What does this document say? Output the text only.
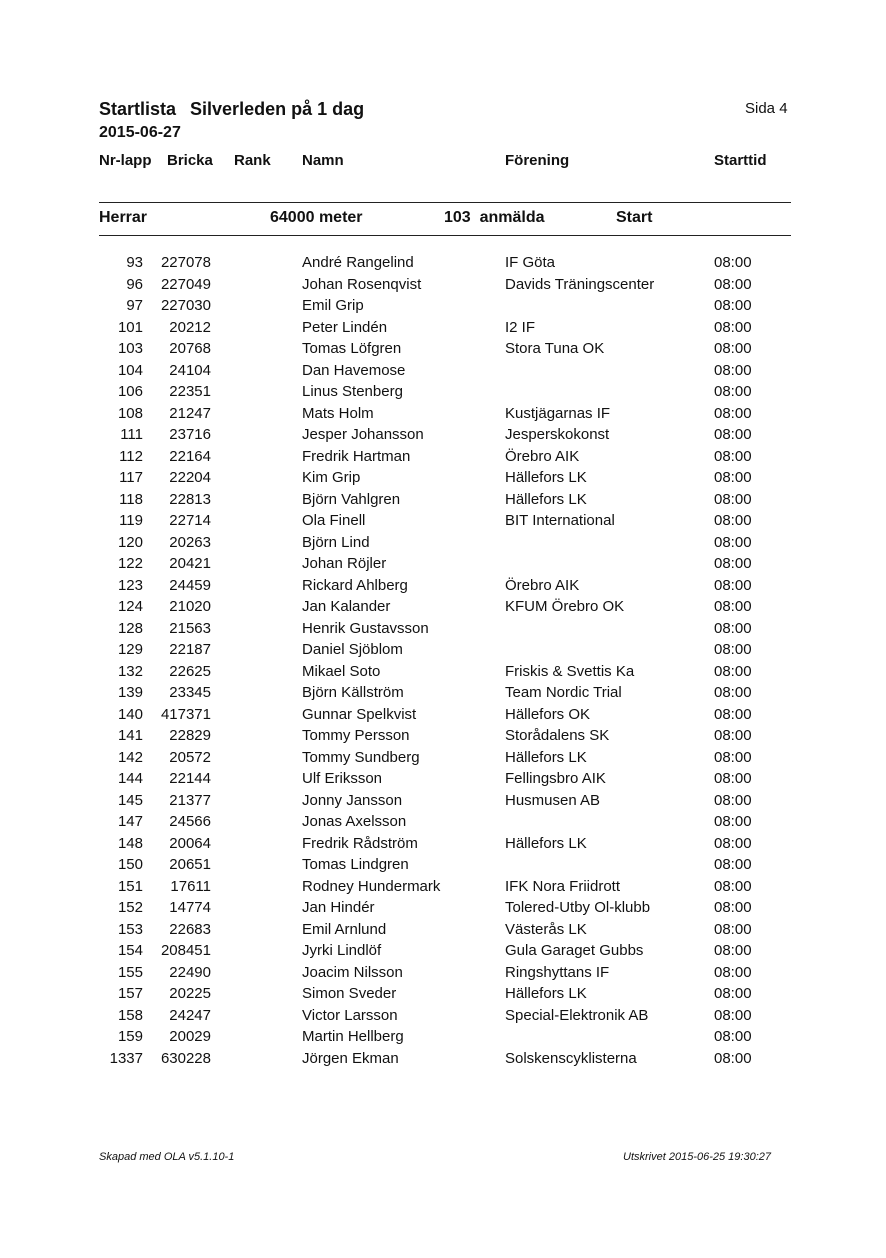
Startlista Silverleden på 1 dag	Sida 4
2015-06-27
Nr-lapp Bricka Rank Namn	Förening	Starttid
Herrar	64000 meter	103 anmälda	Start
93 227078	André Rangelind	IF Göta	08:00
96 227049	Johan Rosenqvist	Davids Träningscenter	08:00
97 227030	Emil Grip	08:00
101 20212	Peter Lindén	I2 IF	08:00
103 20768	Tomas Löfgren	Stora Tuna OK	08:00
104 24104	Dan Havemose	08:00
106 22351	Linus Stenberg	08:00
108 21247	Mats Holm	Kustjägarnas IF	08:00
111 23716	Jesper Johansson	Jesperskokonst	08:00
112 22164	Fredrik Hartman	Örebro AIK	08:00
117 22204	Kim Grip	Hällefors LK	08:00
118 22813	Björn Vahlgren	Hällefors LK	08:00
119 22714	Ola Finell	BIT International	08:00
120 20263	Björn Lind	08:00
122 20421	Johan Röjler	08:00
123 24459	Rickard Ahlberg	Örebro AIK	08:00
124 21020	Jan Kalander	KFUM Örebro OK	08:00
128 21563	Henrik Gustavsson	08:00
129 22187	Daniel Sjöblom	08:00
132 22625	Mikael Soto	Friskis & Svettis Ka	08:00
139 23345	Björn Källström	Team Nordic Trial	08:00
140 417371	Gunnar Spelkvist	Hällefors OK	08:00
141 22829	Tommy Persson	Storådalens SK	08:00
142 20572	Tommy Sundberg	Hällefors LK	08:00
144 22144	Ulf Eriksson	Fellingsbro AIK	08:00
145 21377	Jonny Jansson	Husmusen AB	08:00
147 24566	Jonas Axelsson	08:00
148 20064	Fredrik Rådström	Hällefors LK	08:00
150 20651	Tomas Lindgren	08:00
151 17611	Rodney Hundermark	IFK Nora Friidrott	08:00
152 14774	Jan Hindér	Tolered-Utby Ol-klubb	08:00
153 22683	Emil Arnlund	Västerås LK	08:00
154 208451	Jyrki Lindlöf	Gula Garaget Gubbs	08:00
155 22490	Joacim Nilsson	Ringshyttans IF	08:00
157 20225	Simon Sveder	Hällefors LK	08:00
158 24247	Victor Larsson	Special-Elektronik AB	08:00
159 20029	Martin Hellberg	08:00
1337 630228	Jörgen Ekman	Solskenscyklisterna	08:00
Skapad med OLA v5.1.10-1	Utskrivet 2015-06-25 19:30:27
